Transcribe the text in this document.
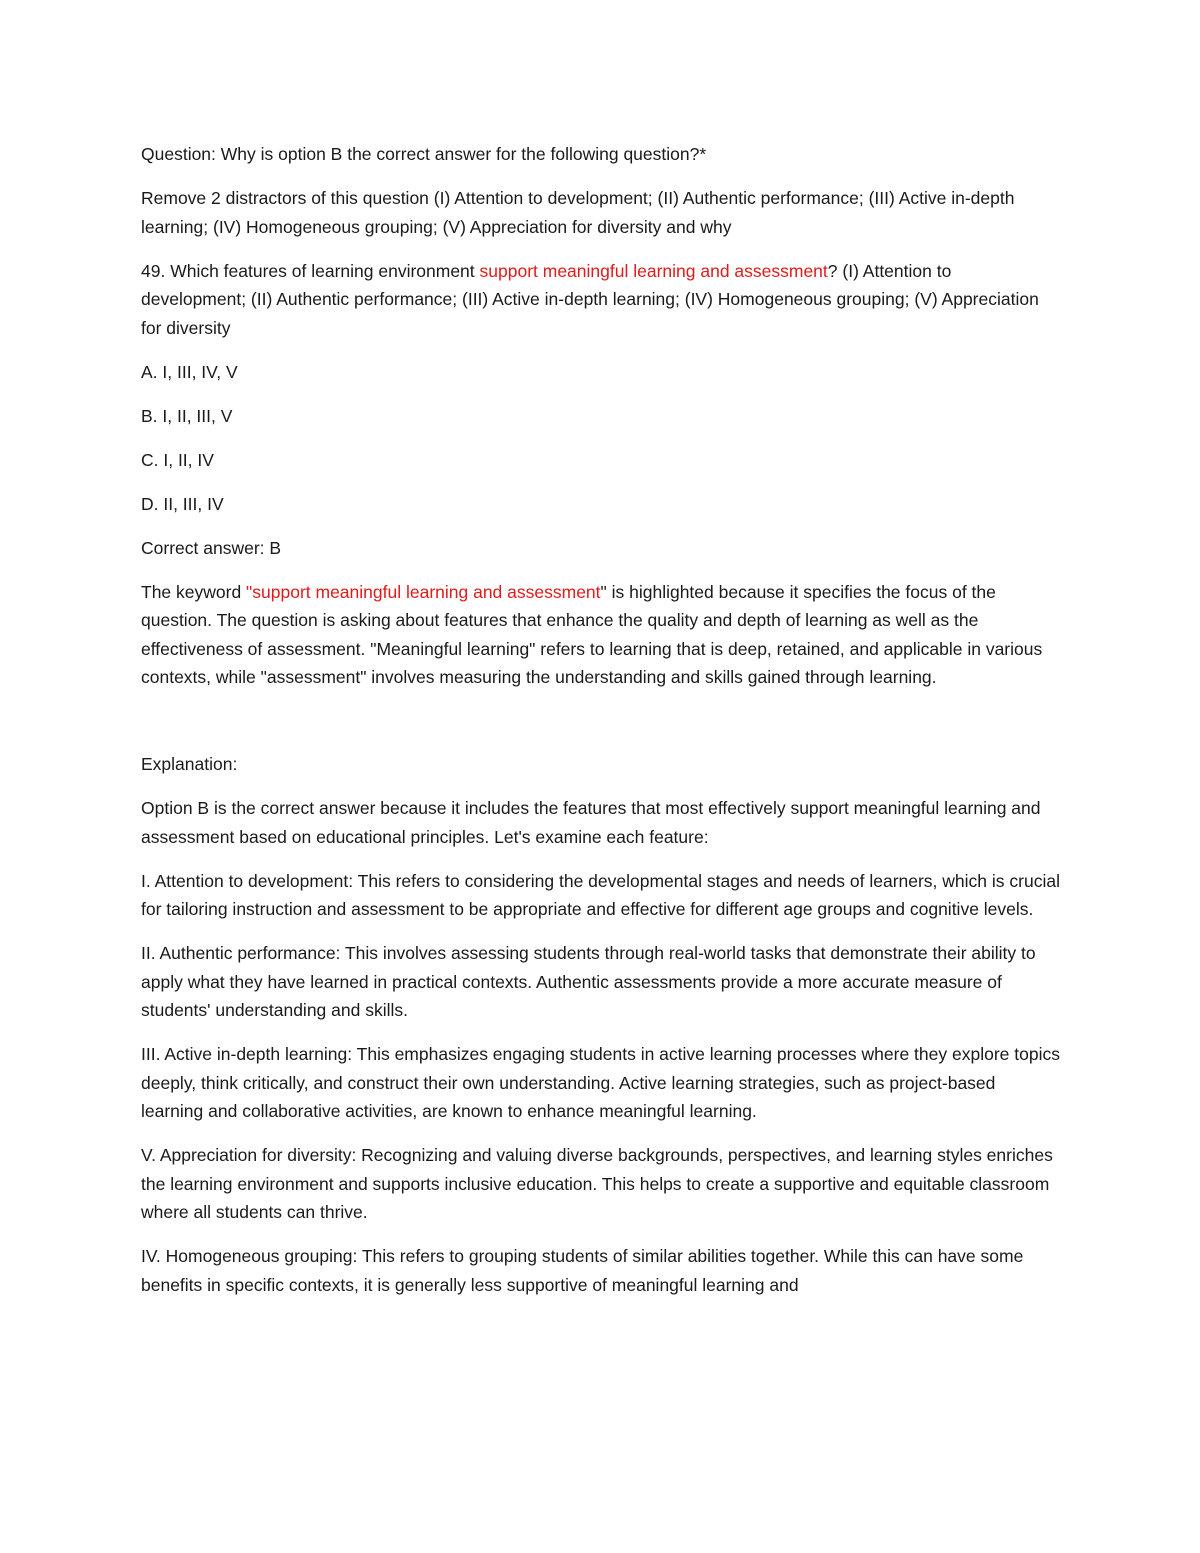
Question: Why is option B the correct answer for the following question?*

Remove 2 distractors of this question (I) Attention to development; (II) Authentic performance; (III) Active in-depth learning; (IV) Homogeneous grouping; (V) Appreciation for diversity and why

49. Which features of learning environment support meaningful learning and assessment? (I) Attention to development; (II) Authentic performance; (III) Active in-depth learning; (IV) Homogeneous grouping; (V) Appreciation for diversity

A. I, III, IV, V

B. I, II, III, V

C. I, II, IV

D. II, III, IV

Correct answer: B

The keyword "support meaningful learning and assessment" is highlighted because it specifies the focus of the question. The question is asking about features that enhance the quality and depth of learning as well as the effectiveness of assessment. "Meaningful learning" refers to learning that is deep, retained, and applicable in various contexts, while "assessment" involves measuring the understanding and skills gained through learning.

Explanation:

Option B is the correct answer because it includes the features that most effectively support meaningful learning and assessment based on educational principles. Let's examine each feature:

I. Attention to development: This refers to considering the developmental stages and needs of learners, which is crucial for tailoring instruction and assessment to be appropriate and effective for different age groups and cognitive levels.

II. Authentic performance: This involves assessing students through real-world tasks that demonstrate their ability to apply what they have learned in practical contexts. Authentic assessments provide a more accurate measure of students' understanding and skills.

III. Active in-depth learning: This emphasizes engaging students in active learning processes where they explore topics deeply, think critically, and construct their own understanding. Active learning strategies, such as project-based learning and collaborative activities, are known to enhance meaningful learning.

V. Appreciation for diversity: Recognizing and valuing diverse backgrounds, perspectives, and learning styles enriches the learning environment and supports inclusive education. This helps to create a supportive and equitable classroom where all students can thrive.

IV. Homogeneous grouping: This refers to grouping students of similar abilities together. While this can have some benefits in specific contexts, it is generally less supportive of meaningful learning and
